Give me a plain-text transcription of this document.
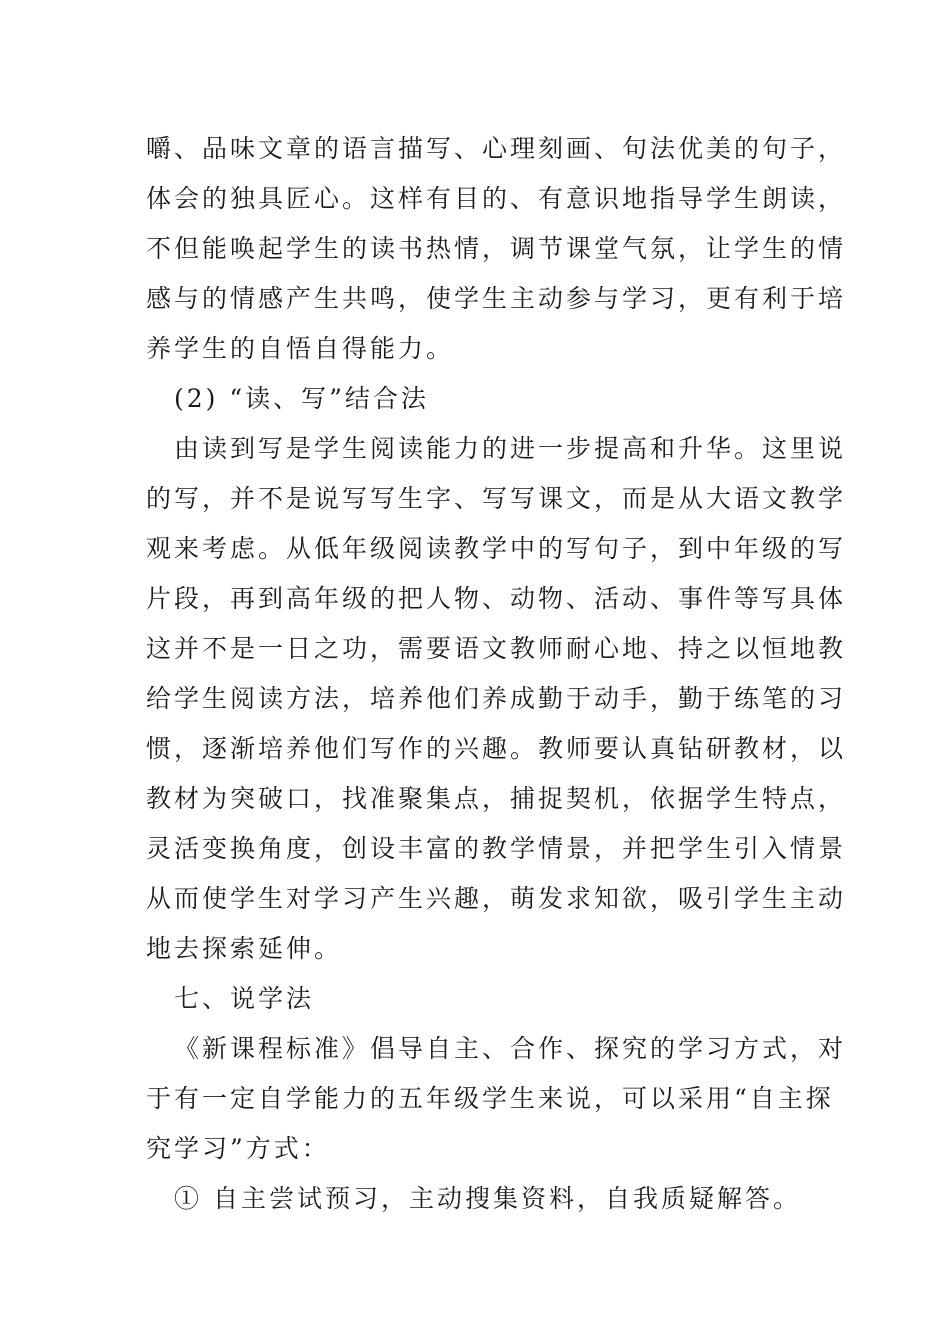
嚼、品味文章的语言描写、心理刻画、句法优美的句子，
体会的独具匠心。这样有目的、有意识地指导学生朗读，
不但能唤起学生的读书热情，调节课堂气氛，让学生的情
感与的情感产生共鸣，使学生主动参与学习，更有利于培
养学生的自悟自得能力。
(2) “读、写”结合法
由读到写是学生阅读能力的进一步提高和升华。这里说
的写，并不是说写写生字、写写课文，而是从大语文教学
观来考虑。从低年级阅读教学中的写句子，到中年级的写
片段，再到高年级的把人物、动物、活动、事件等写具体
这并不是一日之功，需要语文教师耐心地、持之以恒地教
给学生阅读方法，培养他们养成勤于动手，勤于练笔的习
惯，逐渐培养他们写作的兴趣。教师要认真钻研教材，以
教材为突破口，找准聚集点，捕捉契机，依据学生特点，
灵活变换角度，创设丰富的教学情景，并把学生引入情景
从而使学生对学习产生兴趣，萌发求知欲，吸引学生主动
地去探索延伸。
七、说学法
《新课程标准》倡导自主、合作、探究的学习方式，对
于有一定自学能力的五年级学生来说，可以采用“自主探
究学习”方式：
① 自主尝试预习，主动搜集资料，自我质疑解答。
